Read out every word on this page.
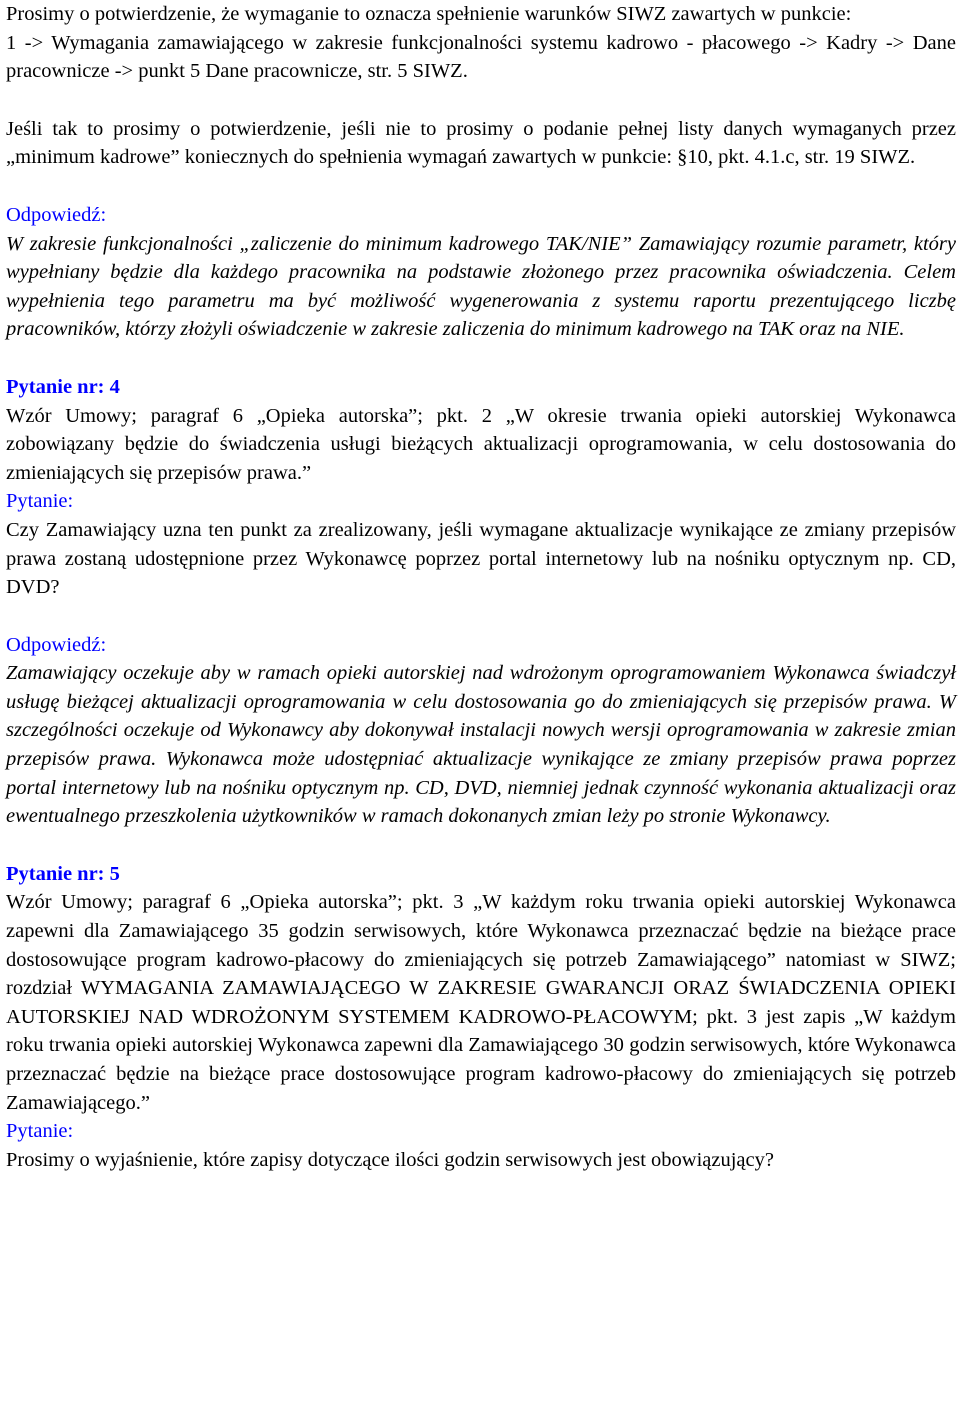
Prosimy o potwierdzenie, że wymaganie to oznacza spełnienie warunków SIWZ zawartych w punkcie:

1 -> Wymagania zamawiającego w zakresie funkcjonalności systemu kadrowo - płacowego -> Kadry -> Dane pracownicze -> punkt 5 Dane pracownicze, str. 5 SIWZ.

Jeśli tak to prosimy o potwierdzenie, jeśli nie to prosimy o podanie pełnej listy danych wymaganych przez „minimum kadrowe” koniecznych do spełnienia wymagań zawartych w punkcie: §10, pkt. 4.1.c, str. 19 SIWZ.

Odpowiedź:

W zakresie funkcjonalności „zaliczenie do minimum kadrowego TAK/NIE” Zamawiający rozumie parametr, który wypełniany będzie dla każdego pracownika na podstawie złożonego przez pracownika oświadczenia. Celem wypełnienia tego parametru ma być możliwość wygenerowania z systemu raportu prezentującego liczbę pracowników, którzy złożyli oświadczenie w zakresie zaliczenia do minimum kadrowego na TAK oraz na NIE.

Pytanie nr: 4

Wzór Umowy; paragraf 6 „Opieka autorska”; pkt. 2 „W okresie trwania opieki autorskiej Wykonawca zobowiązany będzie do świadczenia usługi bieżących aktualizacji oprogramowania, w celu dostosowania do zmieniających się przepisów prawa.”

Pytanie:

Czy Zamawiający uzna ten punkt za zrealizowany, jeśli wymagane aktualizacje wynikające ze zmiany przepisów prawa zostaną udostępnione przez Wykonawcę poprzez portal internetowy lub na nośniku optycznym np. CD, DVD?

Odpowiedź:

Zamawiający oczekuje aby w ramach opieki autorskiej nad wdrożonym oprogramowaniem Wykonawca świadczył usługę bieżącej aktualizacji oprogramowania w celu dostosowania go do zmieniających się przepisów prawa. W szczególności oczekuje od Wykonawcy aby dokonywał instalacji nowych wersji oprogramowania w zakresie zmian przepisów prawa. Wykonawca może udostępniać aktualizacje wynikające ze zmiany przepisów prawa poprzez portal internetowy lub na nośniku optycznym np. CD, DVD, niemniej jednak czynność wykonania aktualizacji oraz ewentualnego przeszkolenia użytkowników w ramach dokonanych zmian leży po stronie Wykonawcy.

Pytanie nr: 5

Wzór Umowy; paragraf 6 „Opieka autorska”; pkt. 3 „W każdym roku trwania opieki autorskiej Wykonawca zapewni dla Zamawiającego 35 godzin serwisowych, które Wykonawca przeznaczać będzie na bieżące prace dostosowujące program kadrowo-płacowy do zmieniających się potrzeb Zamawiającego” natomiast w SIWZ; rozdział WYMAGANIA ZAMAWIAJĄCEGO W ZAKRESIE GWARANCJI ORAZ ŚWIADCZENIA OPIEKI AUTORSKIEJ NAD WDROŻONYM SYSTEMEM KADROWO-PŁACOWYM; pkt. 3 jest zapis „W każdym roku trwania opieki autorskiej Wykonawca zapewni dla Zamawiającego 30 godzin serwisowych, które Wykonawca przeznaczać będzie na bieżące prace dostosowujące program kadrowo-płacowy do zmieniających się potrzeb Zamawiającego.”

Pytanie:

Prosimy o wyjaśnienie, które zapisy dotyczące ilości godzin serwisowych jest obowiązujący?
